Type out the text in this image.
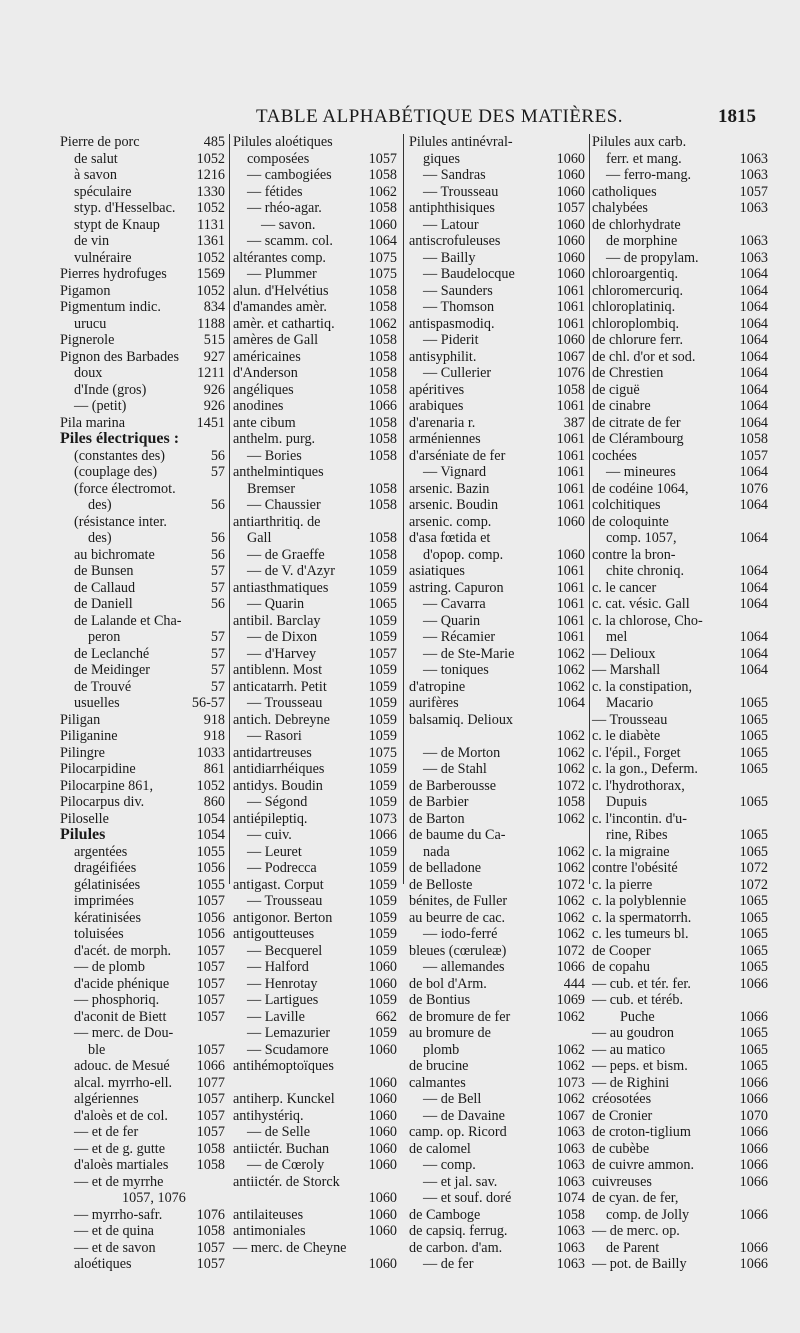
TABLE ALPHABÉTIQUE DES MATIÈRES.	1815
Pierre de porc	485
de salut	1052
à savon	1216
spéculaire	1330
styp. d'Hesselbac. 1052
stypt de Knaup	1131
de vin	1361
vulnéraire	1052
Pierres hydrofuges 1569
Pigamon	1052
Pigmentum indic.	834
urucu	1188
Pignerole	515
Pignon des Barbades 927
doux	1211
d'Inde (gros)	926
— (petit)	926
Pila marina	1451
Piles électriques :
(constantes des)	56
(couplage des)	57
(force électromot.
des)	56
(résistance inter.
des)	56
au bichromate	56
de Bunsen	57
de Callaud	57
de Daniell	56
de Lalande et Cha-
peron	57
de Leclanché	57
de Meidinger	57
de Trouvé	57
usuelles	56-57
Piligan	918
Piliganine	918
Pilingre	1033
Pilocarpidine	861
Pilocarpine 861,	1052
Pilocarpus div.	860
Piloselle	1054
Pilules	1054
argentées	1055
dragéifiées	1056
gélatinisées	1055
imprimées	1057
kératinisées	1056
toluisées	1056
d'acét. de morph. 1057
— de plomb	1057
d'acide phénique 1057
— phosphoriq.	1057
d'aconit de Biett 1057
— merc. de Dou-
ble	1057
adouc. de Mesué 1066
alcal. myrrho-ell. 1077
algériennes	1057
d'aloès et de col. 1057
— et de fer	1057
— et de g. gutte 1058
d'aloès martiales 1058
— et de myrrhe
1057, 1076
— myrrho-safr. 1076
— et de quina	1058
— et de savon	1057
aloétiques	1057
Pilules aloétiques
composées	1057
— cambogiées	1058
— fétides	1062
— rhéo-agar.	1058
— savon.	1060
— scamm. col.	1064
altérantes comp.	1075
— Plummer	1075
alun. d'Helvétius	1058
d'amandes amèr.	1058
amèr. et cathartiq. 1062
amères de Gall	1058
américaines	1058
d'Anderson	1058
angéliques	1058
anodines	1066
ante cibum	1058
anthelm. purg.	1058
— Bories	1058
anthelmintiques
Bremser	1058
— Chaussier	1058
antiarthritiq. de
Gall	1058
— de Graeffe	1058
— de V. d'Azyr 1059
antiasthmatiques	1059
— Quarin	1065
antibil. Barclay	1059
— de Dixon	1059
— d'Harvey	1057
antiblenn. Most	1059
anticatarrh. Petit	1059
— Trousseau	1059
antich. Debreyne	1059
— Rasori	1059
antidartreuses	1075
antidiarrhéiques	1059
antidys. Boudin	1059
— Ségond	1059
antiépileptiq.	1073
— cuiv.	1066
— Leuret	1059
— Podrecca	1059
antigast. Corput	1059
— Trousseau	1059
antigonor. Berton	1059
antigoutteuses	1059
— Becquerel	1059
— Halford	1060
— Henrotay	1060
— Lartigues	1059
— Laville	662
— Lemazurier	1059
— Scudamore	1060
antihémoptoïques
1060
antiherp. Kunckel 1060
antihystériq.	1060
— de Selle	1060
antiictér. Buchan	1060
— de Cœroly	1060
antiictér. de Storck
1060
antilaiteuses	1060
antimoniales	1060
— merc. de Cheyne
1060
Pilules antinévral-
giques	1060
— Sandras	1060
— Trousseau	1060
antiphthisiques	1057
— Latour	1060
antiscrofuleuses	1060
— Bailly	1060
— Baudelocque	1060
— Saunders	1061
— Thomson	1061
antispasmodiq.	1061
— Piderit	1060
antisyphilit.	1067
— Cullerier	1076
apéritives	1058
arabiques	1061
d'arenaria r.	387
arméniennes	1061
d'arséniate de fer	1061
— Vignard	1061
arsenic. Bazin	1061
arsenic. Boudin	1061
arsenic. comp.	1060
d'asa fœtida et
d'opop. comp.	1060
asiatiques	1061
astring. Capuron	1061
— Cavarra	1061
— Quarin	1061
— Récamier	1061
— de Ste-Marie	1062
— toniques	1062
d'atropine	1062
aurifères	1064
balsamiq. Delioux
1062
— de Morton	1062
— de Stahl	1062
de Barberousse	1072
de Barbier	1058
de Barton	1062
de baume du Ca-
nada	1062
de belladone	1062
de Belloste	1072
bénites, de Fuller	1062
au beurre de cac.	1062
— iodo-ferré	1062
bleues (cœruleæ)	1072
— allemandes	1066
de bol d'Arm.	444
de Bontius	1069
de bromure de fer	1062
au bromure de
plomb	1062
de brucine	1062
calmantes	1073
— de Bell	1062
— de Davaine	1067
camp. op. Ricord	1063
de calomel	1063
— comp.	1063
— et jal. sav.	1063
— et souf. doré	1074
de Camboge	1058
de capsiq. ferrug.	1063
de carbon. d'am.	1063
— de fer	1063
Pilules aux carb.
ferr. et mang.	1063
— ferro-mang.	1063
catholiques	1057
chalybées	1063
de chlorhydrate
de morphine	1063
— de propylam.	1063
chloroargentiq.	1064
chloromercuriq.	1064
chloroplatiniq.	1064
chloroplombiq.	1064
de chlorure ferr.	1064
de chl. d'or et sod.	1064
de Chrestien	1064
de ciguë	1064
de cinabre	1064
de citrate de fer	1064
de Clérambourg	1058
cochées	1057
— mineures	1064
de codéine 1064,	1076
colchitiques	1064
de coloquinte
comp. 1057,	1064
contre la bron-
chite chroniq.	1064
c. le cancer	1064
c. cat. vésic. Gall	1064
c. la chlorose, Cho-
mel	1064
— Delioux	1064
— Marshall	1064
c. la constipation,
Macario	1065
— Trousseau	1065
c. le diabète	1065
c. l'épil., Forget	1065
c. la gon., Deferm.	1065
c. l'hydrothorax,
Dupuis	1065
c. l'incontin. d'u-
rine, Ribes	1065
c. la migraine	1065
contre l'obésité	1072
c. la pierre	1072
c. la polyblennie	1065
c. la spermatorrh.	1065
c. les tumeurs bl.	1065
de Cooper	1065
de copahu	1065
— cub. et tér. fer.	1066
— cub. et téréb.
Puche	1066
— au goudron	1065
— au matico	1065
— peps. et bism.	1065
— de Righini	1066
créosotées	1066
de Cronier	1070
de croton-tiglium	1066
de cubèbe	1066
de cuivre ammon.	1066
cuivreuses	1066
de cyan. de fer,
comp. de Jolly	1066
— de merc. op.
de Parent	1066
— pot. de Bailly	1066
